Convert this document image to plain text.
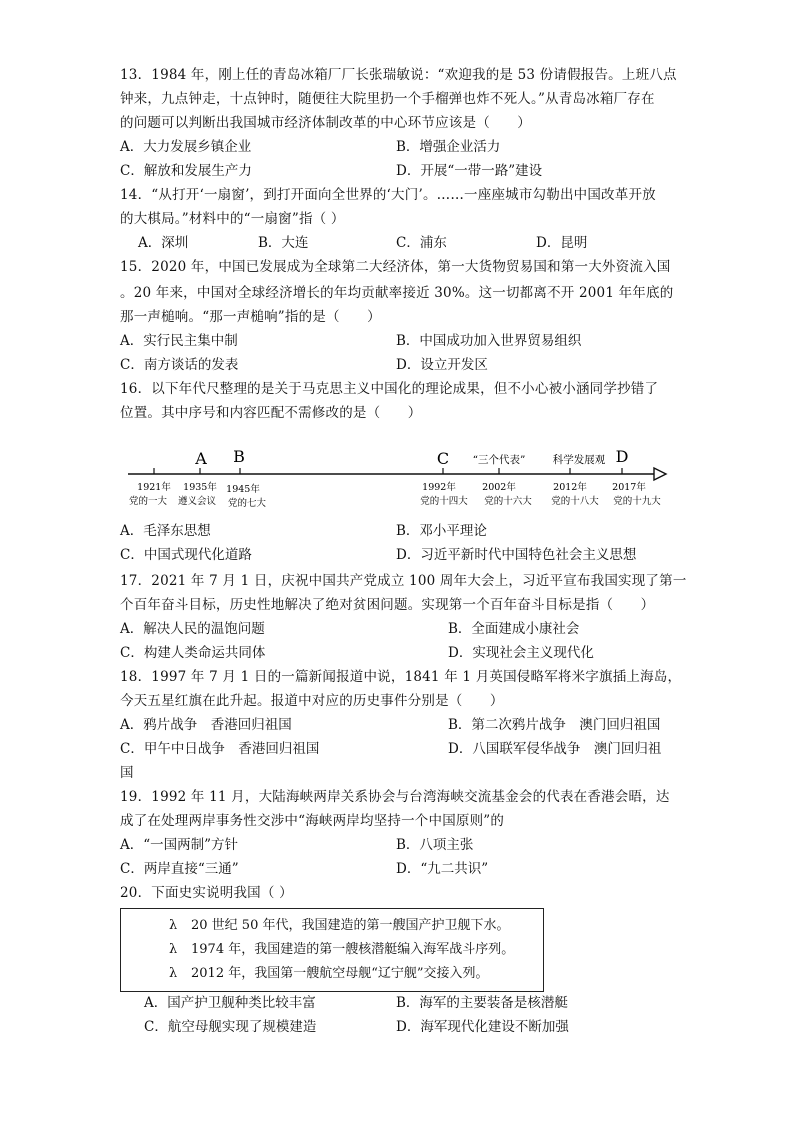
13．1984 年，刚上任的青岛冰箱厂厂长张瑞敏说：“欢迎我的是 53 份请假报告。上班八点
钟来，九点钟走，十点钟时，随便往大院里扔一个手榴弹也炸不死人。”从青岛冰箱厂存在
的问题可以判断出我国城市经济体制改革的中心环节应该是（　　）
A．大力发展乡镇企业	B．增强企业活力
C．解放和发展生产力	D．开展“一带一路”建设
14．“从打开‘一扇窗’，到打开面向全世界的‘大门’。……一座座城市勾勒出中国改革开放
的大棋局。”材料中的“一扇窗”指（ ）
A．深圳	B．大连	C．浦东	D．昆明
15．2020 年，中国已发展成为全球第二大经济体，第一大货物贸易国和第一大外资流入国
。20 年来，中国对全球经济增长的年均贡献率接近 30%。这一切都离不开 2001 年年底的
那一声槌响。“那一声槌响”指的是（　　）
A．实行民主集中制	B．中国成功加入世界贸易组织
C．南方谈话的发表	D．设立开发区
16．以下年代尺整理的是关于马克思主义中国化的理论成果，但不小心被小涵同学抄错了
位置。其中序号和内容匹配不需修改的是（　　）
A B	C	D
“三个代表”	科学发展观
1921年 1935年 1945年	1992年	2002年	2012年	2017年
党的一大 遵义会议 党的七大	党的十四大 党的十六大 党的十八大 党的十九大
A．毛泽东思想	B．邓小平理论
C．中国式现代化道路	D．习近平新时代中国特色社会主义思想
17．2021 年 7 月 1 日，庆祝中国共产党成立 100 周年大会上，习近平宣布我国实现了第一
个百年奋斗目标，历史性地解决了绝对贫困问题。实现第一个百年奋斗目标是指（　　）
A．解决人民的温饱问题	B．全面建成小康社会
C．构建人类命运共同体	D．实现社会主义现代化
18．1997 年 7 月 1 日的一篇新闻报道中说，1841 年 1 月英国侵略军将米字旗插上海岛，
今天五星红旗在此升起。报道中对应的历史事件分别是（　　）
A．鸦片战争　香港回归祖国	B．第二次鸦片战争　澳门回归祖国
C．甲午中日战争　香港回归祖国	D．八国联军侵华战争　澳门回归祖
国
19．1992 年 11 月，大陆海峡两岸关系协会与台湾海峡交流基金会的代表在香港会晤，达
成了在处理两岸事务性交涉中“海峡两岸均坚持一个中国原则”的
A．“一国两制”方针	B．八项主张
C．两岸直接“三通”	D．“九二共识”
20．下面史实说明我国（ ）
λ 20 世纪 50 年代，我国建造的第一艘国产护卫舰下水。
λ 1974 年，我国建造的第一艘核潜艇编入海军战斗序列。
λ 2012 年，我国第一艘航空母舰“辽宁舰”交接入列。
A．国产护卫舰种类比较丰富	B．海军的主要装备是核潜艇
C．航空母舰实现了规模建造	D．海军现代化建设不断加强
